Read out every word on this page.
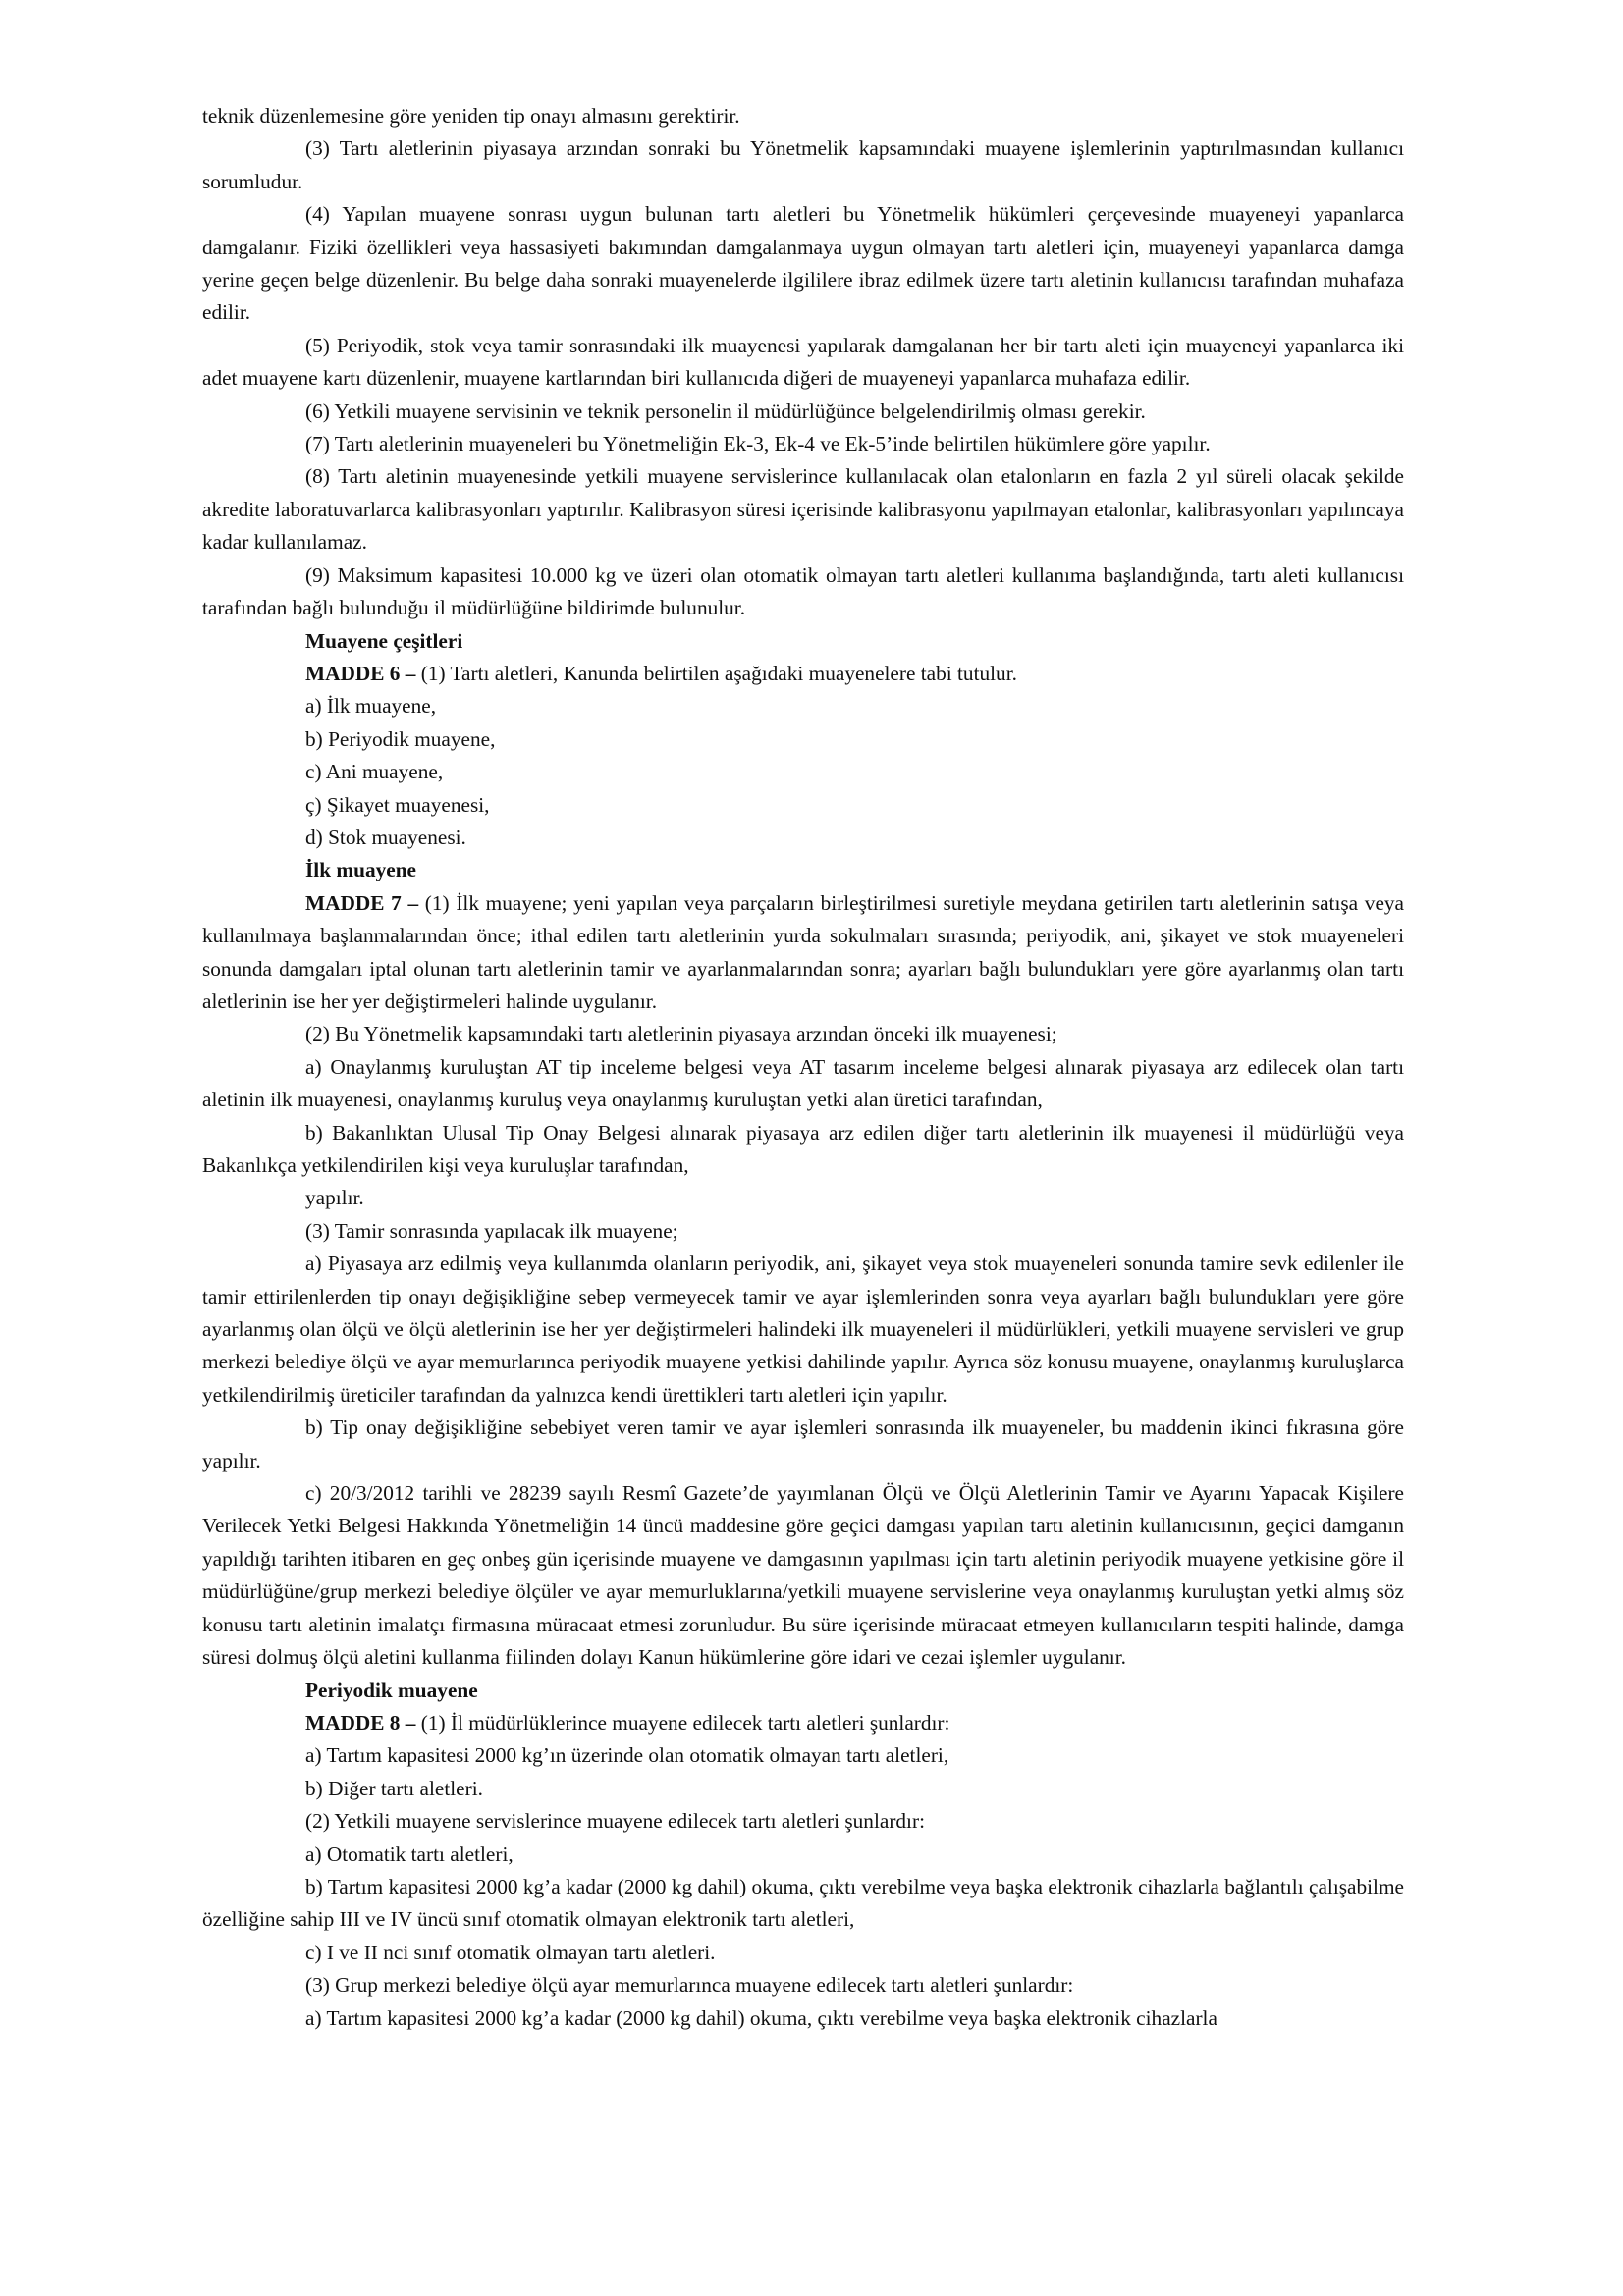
teknik düzenlemesine göre yeniden tip onayı almasını gerektirir.

(3) Tartı aletlerinin piyasaya arzından sonraki bu Yönetmelik kapsamındaki muayene işlemlerinin yaptırılmasından kullanıcı sorumludur.

(4) Yapılan muayene sonrası uygun bulunan tartı aletleri bu Yönetmelik hükümleri çerçevesinde muayeneyi yapanlarca damgalanır. Fiziki özellikleri veya hassasiyeti bakımından damgalanmaya uygun olmayan tartı aletleri için, muayeneyi yapanlarca damga yerine geçen belge düzenlenir. Bu belge daha sonraki muayenelerde ilgililere ibraz edilmek üzere tartı aletinin kullanıcısı tarafından muhafaza edilir.

(5) Periyodik, stok veya tamir sonrasındaki ilk muayenesi yapılarak damgalanan her bir tartı aleti için muayeneyi yapanlarca iki adet muayene kartı düzenlenir, muayene kartlarından biri kullanıcıda diğeri de muayeneyi yapanlarca muhafaza edilir.

(6) Yetkili muayene servisinin ve teknik personelin il müdürlüğünce belgelendirilmiş olması gerekir.

(7) Tartı aletlerinin muayeneleri bu Yönetmeliğin Ek-3, Ek-4 ve Ek-5’inde belirtilen hükümlere göre yapılır.

(8) Tartı aletinin muayenesinde yetkili muayene servislerince kullanılacak olan etalonların en fazla 2 yıl süreli olacak şekilde akredite laboratuvarlarca kalibrasyonları yaptırılır. Kalibrasyon süresi içerisinde kalibrasyonu yapılmayan etalonlar, kalibrasyonları yapılıncaya kadar kullanılamaz.

(9) Maksimum kapasitesi 10.000 kg ve üzeri olan otomatik olmayan tartı aletleri kullanıma başlandığında, tartı aleti kullanıcısı tarafından bağlı bulunduğu il müdürlüğüne bildirimde bulunulur.

Muayene çeşitleri

MADDE 6 – (1) Tartı aletleri, Kanunda belirtilen aşağıdaki muayenelere tabi tutulur.

a) İlk muayene,

b) Periyodik muayene,

c) Ani muayene,

ç) Şikayet muayenesi,

d) Stok muayenesi.

İlk muayene

MADDE 7 – (1) İlk muayene; yeni yapılan veya parçaların birleştirilmesi suretiyle meydana getirilen tartı aletlerinin satışa veya kullanılmaya başlanmalarından önce; ithal edilen tartı aletlerinin yurda sokulmaları sırasında; periyodik, ani, şikayet ve stok muayeneleri sonunda damgaları iptal olunan tartı aletlerinin tamir ve ayarlanmalarından sonra; ayarları bağlı bulundukları yere göre ayarlanmış olan tartı aletlerinin ise her yer değiştirmeleri halinde uygulanır.

(2) Bu Yönetmelik kapsamındaki tartı aletlerinin piyasaya arzından önceki ilk muayenesi;

a) Onaylanmış kuruluştan AT tip inceleme belgesi veya AT tasarım inceleme belgesi alınarak piyasaya arz edilecek olan tartı aletinin ilk muayenesi, onaylanmış kuruluş veya onaylanmış kuruluştan yetki alan üretici tarafından,

b) Bakanlıktan Ulusal Tip Onay Belgesi alınarak piyasaya arz edilen diğer tartı aletlerinin ilk muayenesi il müdürlüğü veya Bakanlıkça yetkilendirilen kişi veya kuruluşlar tarafından,

yapılır.

(3) Tamir sonrasında yapılacak ilk muayene;

a) Piyasaya arz edilmiş veya kullanımda olanların periyodik, ani, şikayet veya stok muayeneleri sonunda tamire sevk edilenler ile tamir ettirilenlerden tip onayı değişikliğine sebep vermeyecek tamir ve ayar işlemlerinden sonra veya ayarları bağlı bulundukları yere göre ayarlanmış olan ölçü ve ölçü aletlerinin ise her yer değiştirmeleri halindeki ilk muayeneleri il müdürlükleri, yetkili muayene servisleri ve grup merkezi belediye ölçü ve ayar memurlarınca periyodik muayene yetkisi dahilinde yapılır. Ayrıca söz konusu muayene, onaylanmış kuruluşlarca yetkilendirilmiş üreticiler tarafından da yalnızca kendi ürettikleri tartı aletleri için yapılır.

b) Tip onay değişikliğine sebebiyet veren tamir ve ayar işlemleri sonrasında ilk muayeneler, bu maddenin ikinci fıkrasına göre yapılır.

c) 20/3/2012 tarihli ve 28239 sayılı Resmî Gazete’de yayımlanan Ölçü ve Ölçü Aletlerinin Tamir ve Ayarını Yapacak Kişilere Verilecek Yetki Belgesi Hakkında Yönetmeliğin 14 üncü maddesine göre geçici damgası yapılan tartı aletinin kullanıcısının, geçici damganın yapıldığı tarihten itibaren en geç onbeş gün içerisinde muayene ve damgasının yapılması için tartı aletinin periyodik muayene yetkisine göre il müdürlüğüne/grup merkezi belediye ölçüler ve ayar memurluklarına/yetkili muayene servislerine veya onaylanmış kuruluştan yetki almış söz konusu tartı aletinin imalatçı firmasına müracaat etmesi zorunludur. Bu süre içerisinde müracaat etmeyen kullanıcıların tespiti halinde, damga süresi dolmuş ölçü aletini kullanma fiilinden dolayı Kanun hükümlerine göre idari ve cezai işlemler uygulanır.

Periyodik muayene

MADDE 8 – (1) İl müdürlüklerince muayene edilecek tartı aletleri şunlardır:

a) Tartım kapasitesi 2000 kg’ın üzerinde olan otomatik olmayan tartı aletleri,

b) Diğer tartı aletleri.

(2) Yetkili muayene servislerince muayene edilecek tartı aletleri şunlardır:

a) Otomatik tartı aletleri,

b) Tartım kapasitesi 2000 kg’a kadar (2000 kg dahil) okuma, çıktı verebilme veya başka elektronik cihazlarla bağlantılı çalışabilme özelliğine sahip III ve IV üncü sınıf otomatik olmayan elektronik tartı aletleri,

c) I ve II nci sınıf otomatik olmayan tartı aletleri.

(3) Grup merkezi belediye ölçü ayar memurlarınca muayene edilecek tartı aletleri şunlardır:

a) Tartım kapasitesi 2000 kg’a kadar (2000 kg dahil) okuma, çıktı verebilme veya başka elektronik cihazlarla
